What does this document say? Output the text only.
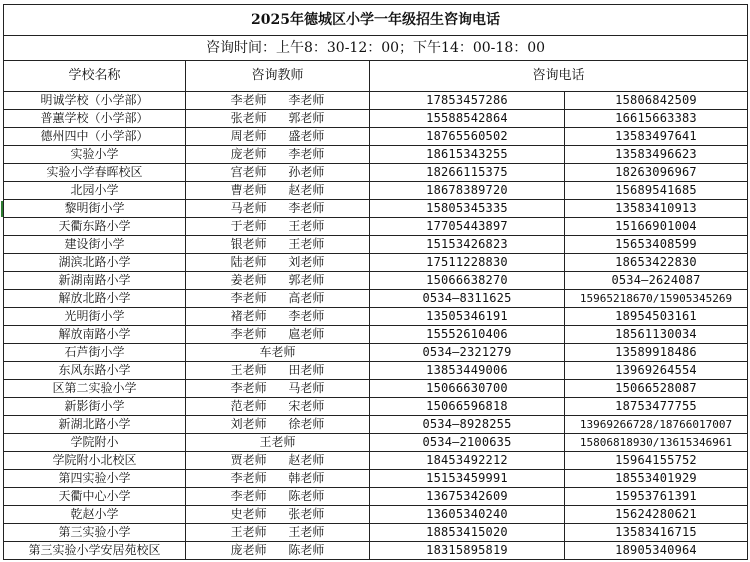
2025年德城区小学一年级招生咨询电话			
咨询时间：上午8：30-12：00；下午14：00-18：00			
学校名称	咨询教师	咨询电话	
明诚学校（小学部）	李老师 李老师	17853457286	15806842509
普蕙学校（小学部）	张老师 郭老师	15588542864	16615663383
德州四中（小学部）	周老师 盛老师	18765560502	13583497641
实验小学	庞老师 李老师	18615343255	13583496623
实验小学春晖校区	宫老师 孙老师	18266115375	18263096967
北园小学	曹老师 赵老师	18678389720	15689541685
黎明街小学	马老师 李老师	15805345335	13583410913
天衢东路小学	于老师 王老师	17705443897	15166901004
建设街小学	银老师 王老师	15153426823	15653408599
湖滨北路小学	陆老师 刘老师	17511228830	18653422830
新湖南路小学	姜老师 郭老师	15066638270	0534—2624087
解放北路小学	李老师 高老师	0534—8311625	15965218670/15905345269
光明街小学	褚老师 李老师	13505346191	18954503161
解放南路小学	李老师 扈老师	15552610406	18561130034
石芦街小学	车老师	0534—2321279	13589918486
东风东路小学	王老师 田老师	13853449006	13969264554
区第二实验小学	李老师 马老师	15066630700	15066528087
新影街小学	范老师 宋老师	15066596818	18753477755
新湖北路小学	刘老师 徐老师	0534—8928255	13969266728/18766017007
学院附小	王老师	0534—2100635	15806818930/13615346961
学院附小北校区	贾老师 赵老师	18453492212	15964155752
第四实验小学	李老师 韩老师	15153459991	18553401929
天衢中心小学	李老师 陈老师	13675342609	15953761391
乾赵小学	史老师 张老师	13605340240	15624280621
第三实验小学	王老师 王老师	18853415020	13583416715
第三实验小学安居苑校区	庞老师 陈老师	18315895819	18905340964
